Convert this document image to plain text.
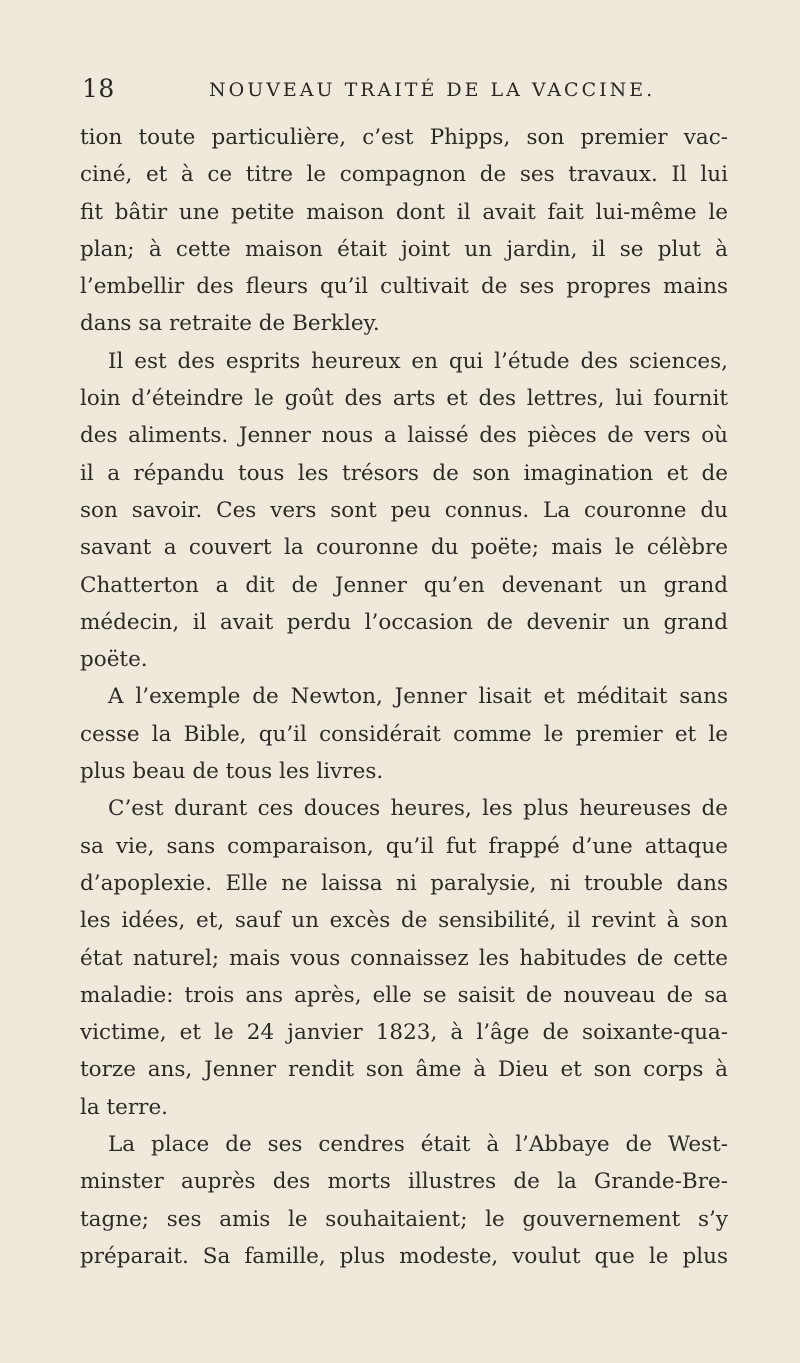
18	NOUVEAU TRAITÉ DE LA VACCINE.
tion toute particulière, c’est Phipps, son premier vac-
ciné, et à ce titre le compagnon de ses travaux. Il lui
fit bâtir une petite maison dont il avait fait lui-même le
plan; à cette maison était joint un jardin, il se plut à
l’embellir des fleurs qu’il cultivait de ses propres mains
dans sa retraite de Berkley.
Il est des esprits heureux en qui l’étude des sciences,
loin d’éteindre le goût des arts et des lettres, lui fournit
des aliments. Jenner nous a laissé des pièces de vers où
il a répandu tous les trésors de son imagination et de
son savoir. Ces vers sont peu connus. La couronne du
savant a couvert la couronne du poëte; mais le célèbre
Chatterton a dit de Jenner qu’en devenant un grand
médecin, il avait perdu l’occasion de devenir un grand
poëte.
A l’exemple de Newton, Jenner lisait et méditait sans
cesse la Bible, qu’il considérait comme le premier et le
plus beau de tous les livres.
C’est durant ces douces heures, les plus heureuses de
sa vie, sans comparaison, qu’il fut frappé d’une attaque
d’apoplexie. Elle ne laissa ni paralysie, ni trouble dans
les idées, et, sauf un excès de sensibilité, il revint à son
état naturel; mais vous connaissez les habitudes de cette
maladie: trois ans après, elle se saisit de nouveau de sa
victime, et le 24 janvier 1823, à l’âge de soixante-qua-
torze ans, Jenner rendit son âme à Dieu et son corps à
la terre.
La place de ses cendres était à l’Abbaye de West-
minster auprès des morts illustres de la Grande-Bre-
tagne; ses amis le souhaitaient; le gouvernement s’y
préparait. Sa famille, plus modeste, voulut que le plus
